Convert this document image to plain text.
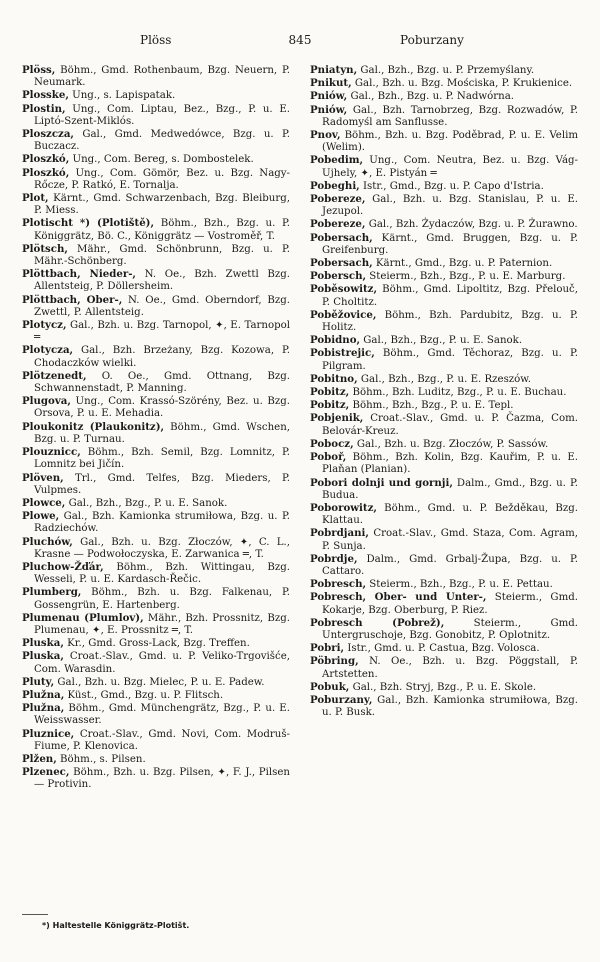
Plöss	845	Poburzany

Plöss, Böhm., Gmd. Rothenbaum, Bzg. Neuern, P. Neumark.

Plosske, Ung., s. Lapispatak.

Plostin, Ung., Com. Liptau, Bez., Bzg., P. u. E. Liptó-Szent-Miklós.

Ploszcza, Gal., Gmd. Medwedówce, Bzg. u. P. Buczacz.

Ploszkó, Ung., Com. Bereg, s. Dombostelek.

Ploszkó, Ung., Com. Gömör, Bez. u. Bzg. Nagy-Rőcze, P. Ratkó, E. Tornalja.

Plot, Kärnt., Gmd. Schwarzenbach, Bzg. Bleiburg, P. Miess.

Plotischt *) (Plotiště), Böhm., Bzh., Bzg. u. P. Königgrätz, Bö. C., Königgrätz — Vostroměř, T.

Plötsch, Mähr., Gmd. Schönbrunn, Bzg. u. P. Mähr.-Schönberg.

Plöttbach, Nieder-, N. Oe., Bzh. Zwettl Bzg. Allentsteig, P. Döllersheim.

Plöttbach, Ober-, N. Oe., Gmd. Oberndorf, Bzg. Zwettl, P. Allentsteig.

Plotycz, Gal., Bzh. u. Bzg. Tarnopol, ✦, E. Tarnopol ═

Plotycza, Gal., Bzh. Brzeżany, Bzg. Kozowa, P. Chodaczków wielki.

Plötzenedt, O. Oe., Gmd. Ottnang, Bzg. Schwannenstadt, P. Manning.

Plugova, Ung., Com. Krassó-Szörény, Bez. u. Bzg. Orsova, P. u. E. Mehadia.

Ploukonitz (Plaukonitz), Böhm., Gmd. Wschen, Bzg. u. P. Turnau.

Plouznicc, Böhm., Bzh. Semil, Bzg. Lomnitz, P. Lomnitz bei Jičín.

Plöven, Trl., Gmd. Telfes, Bzg. Mieders, P. Vulpmes.

Plowce, Gal., Bzh., Bzg., P. u. E. Sanok.

Plowe, Gal., Bzh. Kamionka strumiłowa, Bzg. u. P. Radziechów.

Pluchów, Gal., Bzh. u. Bzg. Złoczów, ✦, C. L., Krasne — Podwołoczyska, E. Zarwanica ═, T.

Pluchow-Žďár, Böhm., Bzh. Wittingau, Bzg. Wesseli, P. u. E. Kardasch-Řečic.

Plumberg, Böhm., Bzh. u. Bzg. Falkenau, P. Gossengrün, E. Hartenberg.

Plumenau (Plumlov), Mähr., Bzh. Prossnitz, Bzg. Plumenau, ✦, E. Prossnitz ═, T.

Pluska, Kr., Gmd. Gross-Lack, Bzg. Treffen.

Pluska, Croat.-Slav., Gmd. u. P. Veliko-Trgovišće, Com. Warasdin.

Pluty, Gal., Bzh. u. Bzg. Mielec, P. u. E. Padew.

Plužna, Küst., Gmd., Bzg. u. P. Flitsch.

Plužna, Böhm., Gmd. Münchengrätz, Bzg., P. u. E. Weisswasser.

Pluznice, Croat.-Slav., Gmd. Novi, Com. Modruš-Fiume, P. Klenovica.

Plžen, Böhm., s. Pilsen.

Plzenec, Böhm., Bzh. u. Bzg. Pilsen, ✦, F. J., Pilsen — Protivin.

Pniatyn, Gal., Bzh., Bzg. u. P. Przemyślany.

Pnikut, Gal., Bzh. u. Bzg. Mościska, P. Krukienice.

Pniów, Gal., Bzh., Bzg. u. P. Nadwórna.

Pniów, Gal., Bzh. Tarnobrzeg, Bzg. Rozwadów, P. Radomyśl am Sanflusse.

Pnov, Böhm., Bzh. u. Bzg. Poděbrad, P. u. E. Velim (Welim).

Pobedim, Ung., Com. Neutra, Bez. u. Bzg. Vág-Ujhely, ✦, E. Pistyán ═

Pobeghi, Istr., Gmd., Bzg. u. P. Capo d'Istria.

Pobereze, Gal., Bzh. u. Bzg. Stanislau, P. u. E. Jezupol.

Pobereze, Gal., Bzh. Żydaczów, Bzg. u. P. Żurawno.

Pobersach, Kärnt., Gmd. Bruggen, Bzg. u. P. Greifenburg.

Pobersach, Kärnt., Gmd., Bzg. u. P. Paternion.

Pobersch, Steierm., Bzh., Bzg., P. u. E. Marburg.

Poběsowitz, Böhm., Gmd. Lipoltitz, Bzg. Přelouč, P. Choltitz.

Poběžovice, Böhm., Bzh. Pardubitz, Bzg. u. P. Holitz.

Pobidno, Gal., Bzh., Bzg., P. u. E. Sanok.

Pobistrejic, Böhm., Gmd. Těchoraz, Bzg. u. P. Pilgram.

Pobitno, Gal., Bzh., Bzg., P. u. E. Rzeszów.

Pobitz, Böhm., Bzh. Luditz, Bzg., P. u. E. Buchau.

Pobitz, Böhm., Bzh., Bzg., P. u. E. Tepl.

Pobjenik, Croat.-Slav., Gmd. u. P. Čazma, Com. Belovár-Kreuz.

Pobocz, Gal., Bzh. u. Bzg. Złoczów, P. Sassów.

Poboř, Böhm., Bzh. Kolin, Bzg. Kauřim, P. u. E. Plaňan (Planian).

Pobori dolnji und gornji, Dalm., Gmd., Bzg. u. P. Budua.

Poborowitz, Böhm., Gmd. u. P. Bežděkau, Bzg. Klattau.

Pobrdjani, Croat.-Slav., Gmd. Staza, Com. Agram, P. Sunja.

Pobrdje, Dalm., Gmd. Grbalj-Župa, Bzg. u. P. Cattaro.

Pobresch, Steierm., Bzh., Bzg., P. u. E. Pettau.

Pobresch, Ober- und Unter-, Steierm., Gmd. Kokarje, Bzg. Oberburg, P. Riez.

Pobresch (Pobrež), Steierm., Gmd. Untergruschoje, Bzg. Gonobitz, P. Oplotnitz.

Pobri, Istr., Gmd. u. P. Castua, Bzg. Volosca.

Pöbring, N. Oe., Bzh. u. Bzg. Pöggstall, P. Artstetten.

Pobuk, Gal., Bzh. Stryj, Bzg., P. u. E. Skole.

Poburzany, Gal., Bzh. Kamionka strumiłowa, Bzg. u. P. Busk.

*) Haltestelle Königgrätz-Plotišt.
